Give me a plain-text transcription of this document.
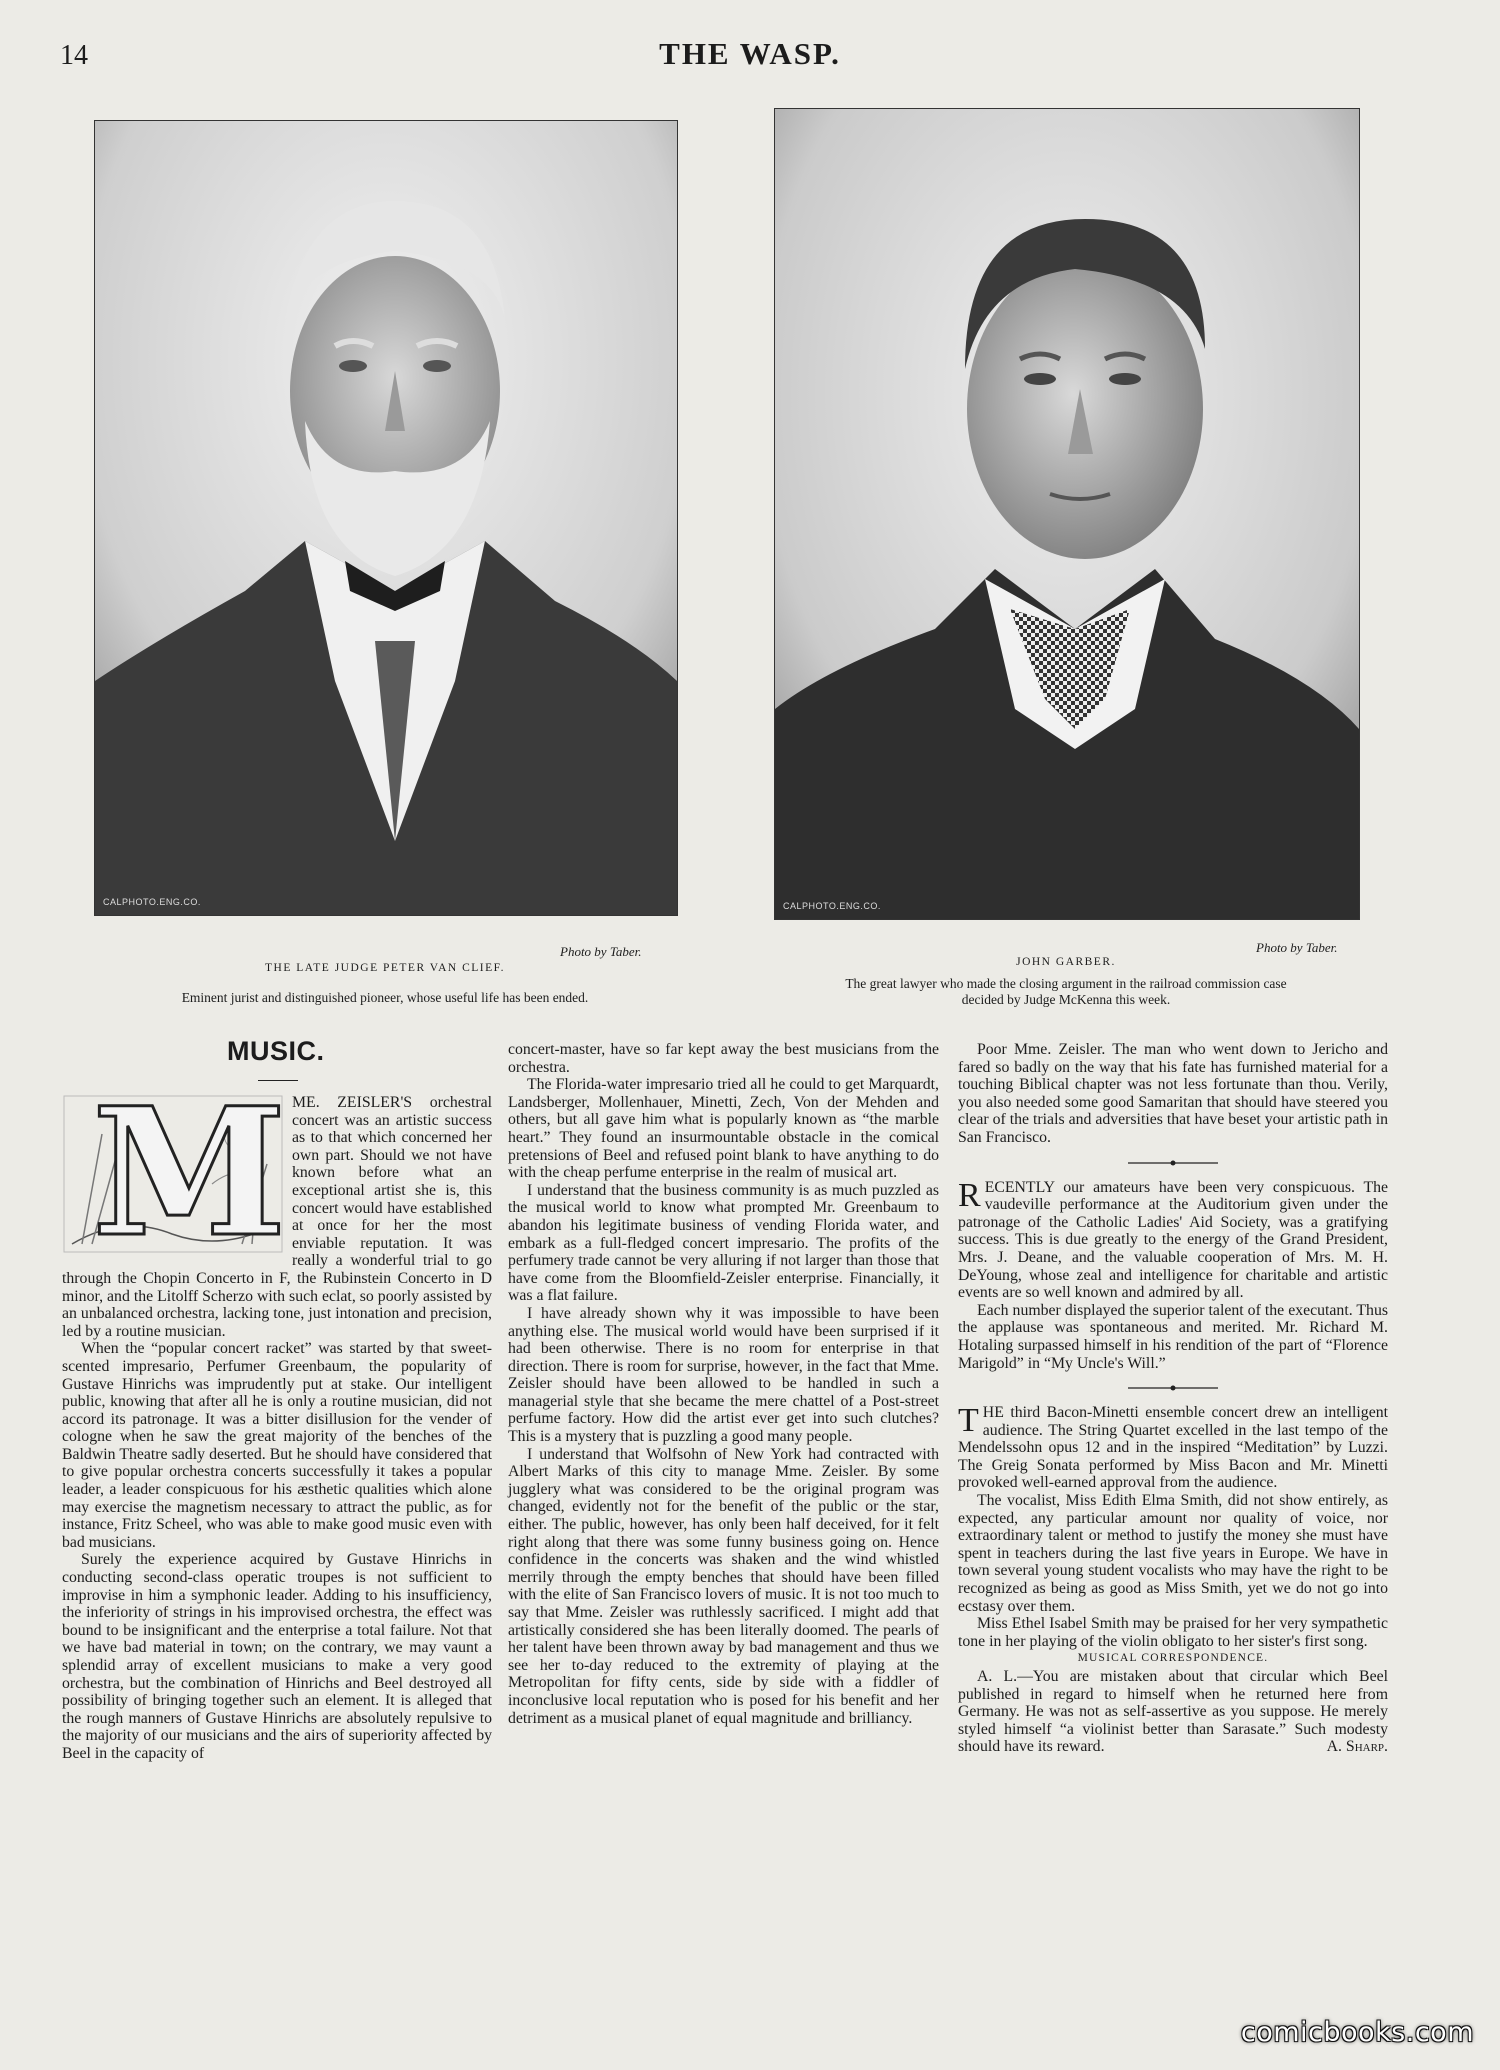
14	THE WASP.
CALPHOTO.ENG.CO.
Photo by Taber.
THE LATE JUDGE PETER VAN CLIEF.
Eminent jurist and distinguished pioneer, whose useful life has been ended.
CALPHOTO.ENG.CO.
Photo by Taber.
JOHN GARBER.
The great lawyer who made the closing argument in the railroad commission case
decided by Judge McKenna this week.
MUSIC.
M ME. ZEISLER'S orchestral concert was an artistic success as to that which concerned her own part. Should we not have known before what an exceptional artist she is, this concert would have established at once for her the most enviable reputation. It was really a wonderful trial to go through the Chopin Concerto in F, the Rubinstein Concerto in D minor, and the Litolff Scherzo with such eclat, so poorly assisted by an unbalanced orchestra, lacking tone, just intonation and precision, led by a routine musician.

When the “popular concert racket” was started by that sweet-scented impresario, Perfumer Greenbaum, the popularity of Gustave Hinrichs was imprudently put at stake. Our intelligent public, knowing that after all he is only a routine musician, did not accord its patronage. It was a bitter disillusion for the vender of cologne when he saw the great majority of the benches of the Baldwin Theatre sadly deserted. But he should have considered that to give popular orchestra concerts successfully it takes a popular leader, a leader conspicuous for his æsthetic qualities which alone may exercise the magnetism necessary to attract the public, as for instance, Fritz Scheel, who was able to make good music even with bad musicians.

Surely the experience acquired by Gustave Hinrichs in conducting second-class operatic troupes is not sufficient to improvise in him a symphonic leader. Adding to his insufficiency, the inferiority of strings in his improvised orchestra, the effect was bound to be insignificant and the enterprise a total failure. Not that we have bad material in town; on the contrary, we may vaunt a splendid array of excellent musicians to make a very good orchestra, but the combination of Hinrichs and Beel destroyed all possibility of bringing together such an element. It is alleged that the rough manners of Gustave Hinrichs are absolutely repulsive to the majority of our musicians and the airs of superiority affected by Beel in the capacity of

concert-master, have so far kept away the best musicians from the orchestra.

The Florida-water impresario tried all he could to get Marquardt, Landsberger, Mollenhauer, Minetti, Zech, Von der Mehden and others, but all gave him what is popularly known as “the marble heart.” They found an insurmountable obstacle in the comical pretensions of Beel and refused point blank to have anything to do with the cheap perfume enterprise in the realm of musical art.

I understand that the business community is as much puzzled as the musical world to know what prompted Mr. Greenbaum to abandon his legitimate business of vending Florida water, and embark as a full-fledged concert impresario. The profits of the perfumery trade cannot be very alluring if not larger than those that have come from the Bloomfield-Zeisler enterprise. Financially, it was a flat failure.

I have already shown why it was impossible to have been anything else. The musical world would have been surprised if it had been otherwise. There is no room for enterprise in that direction. There is room for surprise, however, in the fact that Mme. Zeisler should have been allowed to be handled in such a managerial style that she became the mere chattel of a Post-street perfume factory. How did the artist ever get into such clutches? This is a mystery that is puzzling a good many people.

I understand that Wolfsohn of New York had contracted with Albert Marks of this city to manage Mme. Zeisler. By some jugglery what was considered to be the original program was changed, evidently not for the benefit of the public or the star, either. The public, however, has only been half deceived, for it felt right along that there was some funny business going on. Hence confidence in the concerts was shaken and the wind whistled merrily through the empty benches that should have been filled with the elite of San Francisco lovers of music. It is not too much to say that Mme. Zeisler was ruthlessly sacrificed. I might add that artistically considered she has been literally doomed. The pearls of her talent have been thrown away by bad management and thus we see her to-day reduced to the extremity of playing at the Metropolitan for fifty cents, side by side with a fiddler of inconclusive local reputation who is posed for his benefit and her detriment as a musical planet of equal magnitude and brilliancy.

Poor Mme. Zeisler. The man who went down to Jericho and fared so badly on the way that his fate has furnished material for a touching Biblical chapter was not less fortunate than thou. Verily, you also needed some good Samaritan that should have steered you clear of the trials and adversities that have beset your artistic path in San Francisco.

RECENTLY our amateurs have been very conspicuous. The vaudeville performance at the Auditorium given under the patronage of the Catholic Ladies' Aid Society, was a gratifying success. This is due greatly to the energy of the Grand President, Mrs. J. Deane, and the valuable cooperation of Mrs. M. H. DeYoung, whose zeal and intelligence for charitable and artistic events are so well known and admired by all.

Each number displayed the superior talent of the executant. Thus the applause was spontaneous and merited. Mr. Richard M. Hotaling surpassed himself in his rendition of the part of “Florence Marigold” in “My Uncle's Will.”

THE third Bacon-Minetti ensemble concert drew an intelligent audience. The String Quartet excelled in the last tempo of the Mendelssohn opus 12 and in the inspired “Meditation” by Luzzi. The Greig Sonata performed by Miss Bacon and Mr. Minetti provoked well-earned approval from the audience.

The vocalist, Miss Edith Elma Smith, did not show entirely, as expected, any particular amount nor quality of voice, nor extraordinary talent or method to justify the money she must have spent in teachers during the last five years in Europe. We have in town several young student vocalists who may have the right to be recognized as being as good as Miss Smith, yet we do not go into ecstasy over them.

Miss Ethel Isabel Smith may be praised for her very sympathetic tone in her playing of the violin obligato to her sister's first song.

MUSICAL CORRESPONDENCE.

A. L.—You are mistaken about that circular which Beel published in regard to himself when he returned here from Germany. He was not as self-assertive as you suppose. He merely styled himself “a violinist better than Sarasate.” Such modesty should have its reward.	A. Sharp.

comicbooks.com
